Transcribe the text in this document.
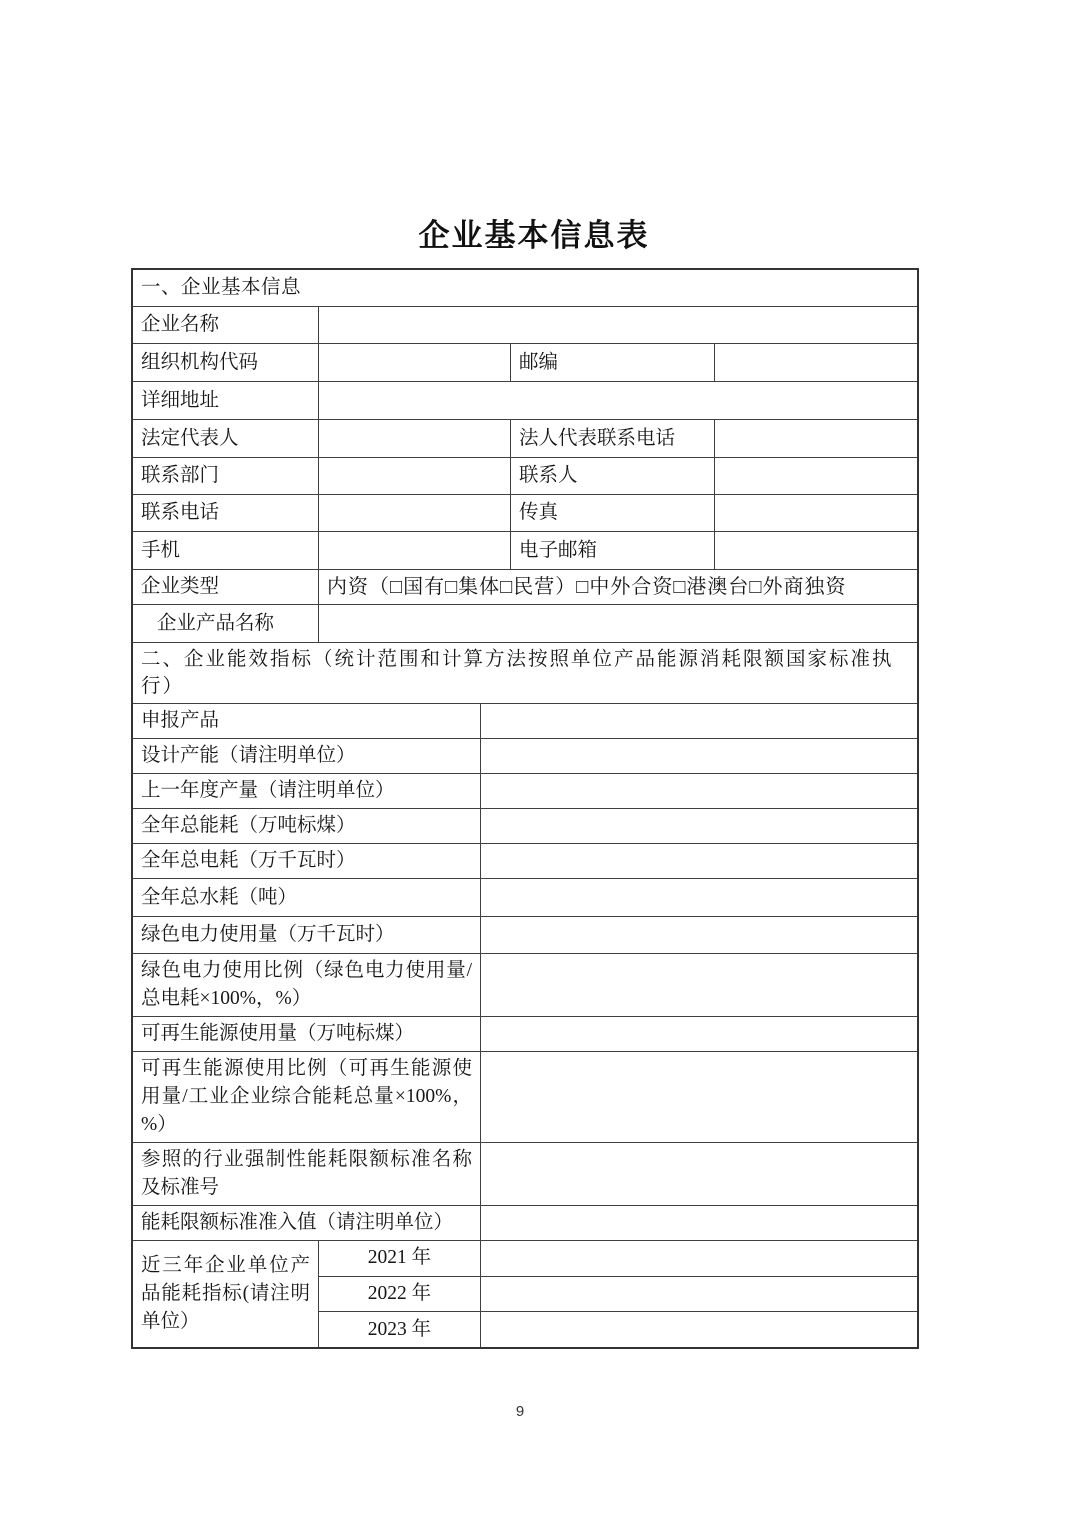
企业基本信息表
一、企业基本信息
企业名称
组织机构代码	邮编
详细地址
法定代表人	法人代表联系电话
联系部门	联系人
联系电话	传真
手机	电子邮箱
企业类型	内资（□国有□集体□民营）□中外合资□港澳台□外商独资
企业产品名称
二、企业能效指标（统计范围和计算方法按照单位产品能源消耗限额国家标准执行）
申报产品
设计产能（请注明单位）
上一年度产量（请注明单位）
全年总能耗（万吨标煤）
全年总电耗（万千瓦时）
全年总水耗（吨）
绿色电力使用量（万千瓦时）
绿色电力使用比例（绿色电力使用量/总电耗×100%，%）
可再生能源使用量（万吨标煤）
可再生能源使用比例（可再生能源使用量/工业企业综合能耗总量×100%，%）
参照的行业强制性能耗限额标准名称及标准号
能耗限额标准准入值（请注明单位）
近三年企业单位产品能耗指标(请注明单位）
2021 年
2022 年
2023 年
9
